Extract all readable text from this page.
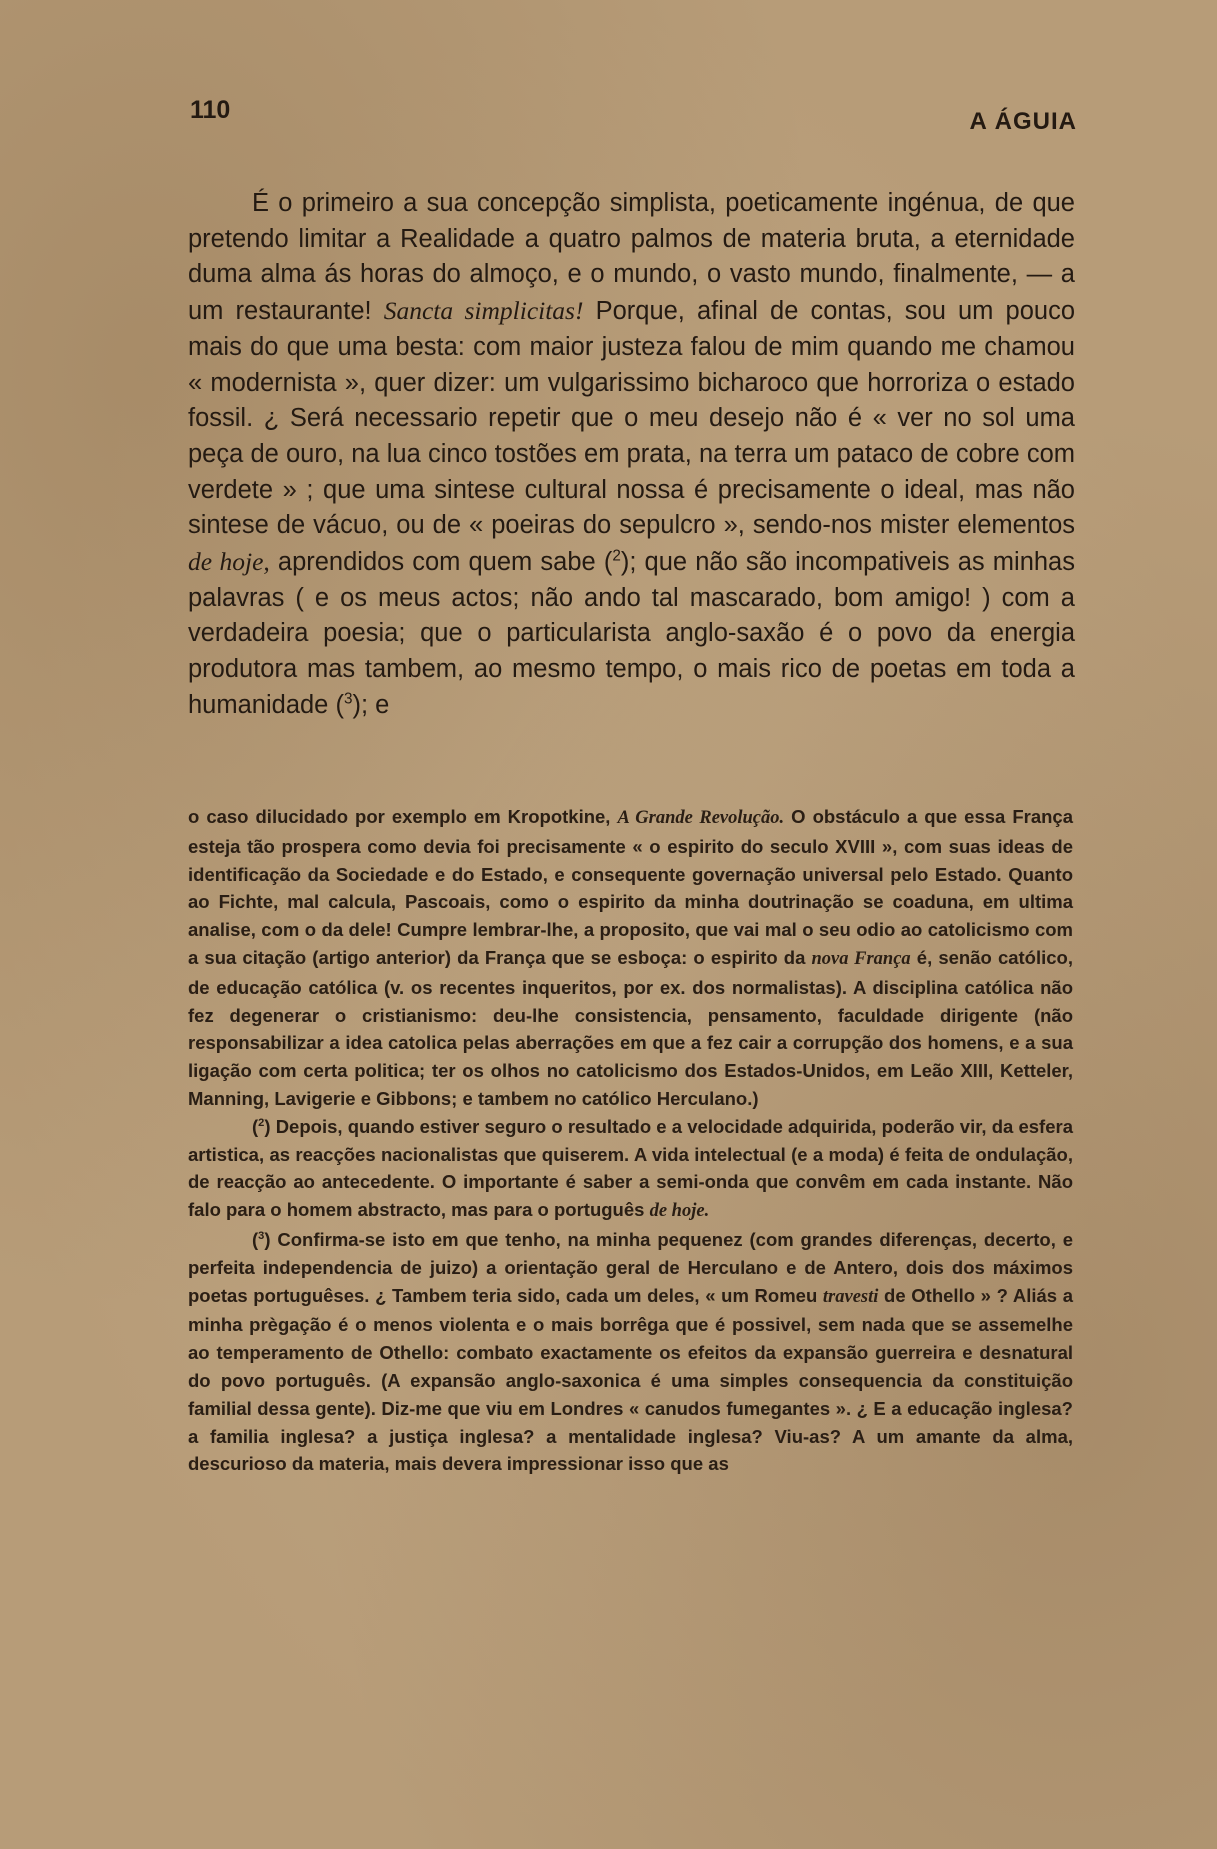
110	A ÁGUIA

É o primeiro a sua concepção simplista, poeticamente ingénua, de que pretendo limitar a Realidade a quatro palmos de materia bruta, a eternidade duma alma ás horas do almoço, e o mundo, o vasto mundo, finalmente, — a um restaurante! Sancta simplicitas! Porque, afinal de contas, sou um pouco mais do que uma besta: com maior justeza falou de mim quando me chamou « modernista », quer dizer: um vulgarissimo bicharoco que horroriza o estado fossil. ¿ Será necessario repetir que o meu desejo não é « ver no sol uma peça de ouro, na lua cinco tostões em prata, na terra um pataco de cobre com verdete » ; que uma sintese cultural nossa é precisamente o ideal, mas não sintese de vácuo, ou de « poeiras do sepulcro », sendo-nos mister elementos de hoje, aprendidos com quem sabe ($^2$); que não são incompativeis as minhas palavras ( e os meus actos; não ando tal mascarado, bom amigo! ) com a verdadeira poesia; que o particularista anglo-saxão é o povo da energia produtora mas tambem, ao mesmo tempo, o mais rico de poetas em toda a humanidade ($^3$); e

o caso dilucidado por exemplo em Kropotkine, A Grande Revolução. O obstáculo a que essa França esteja tão prospera como devia foi precisamente « o espirito do seculo XVIII », com suas ideas de identificação da Sociedade e do Estado, e consequente governação universal pelo Estado. Quanto ao Fichte, mal calcula, Pascoais, como o espirito da minha doutrinação se coaduna, em ultima analise, com o da dele! Cumpre lembrar-lhe, a proposito, que vai mal o seu odio ao catolicismo com a sua citação (artigo anterior) da França que se esboça: o espirito da nova França é, senão católico, de educação católica (v. os recentes inqueritos, por ex. dos normalistas). A disciplina católica não fez degenerar o cristianismo: deu-lhe consistencia, pensamento, faculdade dirigente (não responsabilizar a idea catolica pelas aberrações em que a fez cair a corrupção dos homens, e a sua ligação com certa politica; ter os olhos no catolicismo dos Estados-Unidos, em Leão XIII, Ketteler, Manning, Lavigerie e Gibbons; e tambem no católico Herculano.)

($^2$) Depois, quando estiver seguro o resultado e a velocidade adquirida, poderão vir, da esfera artistica, as reacções nacionalistas que quiserem. A vida intelectual (e a moda) é feita de ondulação, de reacção ao antecedente. O importante é saber a semi-onda que convêm em cada instante. Não falo para o homem abstracto, mas para o português de hoje.

($^3$) Confirma-se isto em que tenho, na minha pequenez (com grandes diferenças, decerto, e perfeita independencia de juizo) a orientação geral de Herculano e de Antero, dois dos máximos poetas portuguêses. ¿ Tambem teria sido, cada um deles, « um Romeu travesti de Othello » ? Aliás a minha prègação é o menos violenta e o mais borrêga que é possivel, sem nada que se assemelhe ao temperamento de Othello: combato exactamente os efeitos da expansão guerreira e desnatural do povo português. (A expansão anglo-saxonica é uma simples consequencia da constituição familial dessa gente). Diz-me que viu em Londres « canudos fumegantes ». ¿ E a educação inglesa? a familia inglesa? a justiça inglesa? a mentalidade inglesa? Viu-as? A um amante da alma, descurioso da materia, mais devera impressionar isso que as
